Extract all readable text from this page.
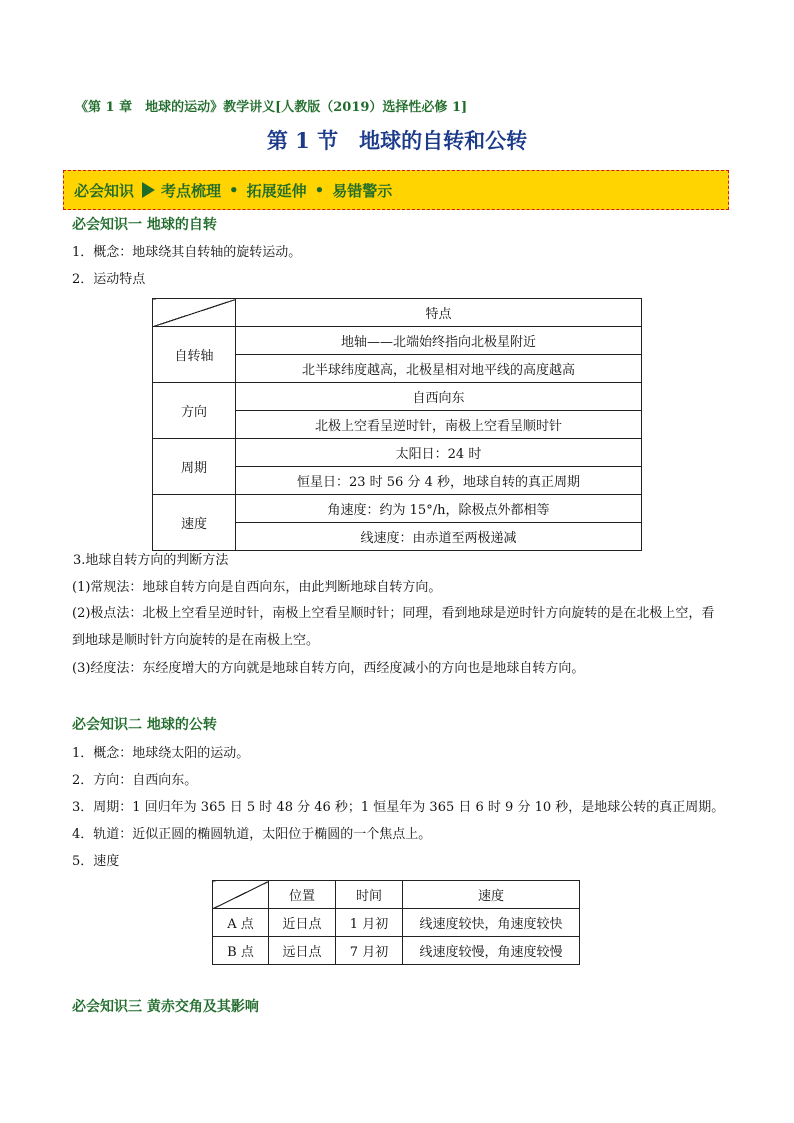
《第 1 章　地球的运动》教学讲义[人教版（2019）选择性必修 1]
第 1 节　地球的自转和公转
必会知识 考点梳理 • 拓展延伸 • 易错警示
必会知识一 地球的自转
1．概念：地球绕其自转轴的旋转运动。
2．运动特点
	特点
自转轴	地轴——北端始终指向北极星附近
	北半球纬度越高，北极星相对地平线的高度越高
方向	自西向东
	北极上空看呈逆时针，南极上空看呈顺时针
周期	太阳日：24 时
	恒星日：23 时 56 分 4 秒，地球自转的真正周期
速度	角速度：约为 15°/h，除极点外都相等
	线速度：由赤道至两极递减
3.地球自转方向的判断方法
(1)常规法：地球自转方向是自西向东，由此判断地球自转方向。
(2)极点法：北极上空看呈逆时针，南极上空看呈顺时针；同理，看到地球是逆时针方向旋转的是在北极上空，看到地球是顺时针方向旋转的是在南极上空。
(3)经度法：东经度增大的方向就是地球自转方向，西经度减小的方向也是地球自转方向。
必会知识二 地球的公转
1．概念：地球绕太阳的运动。
2．方向：自西向东。
3．周期：1 回归年为 365 日 5 时 48 分 46 秒；1 恒星年为 365 日 6 时 9 分 10 秒，是地球公转的真正周期。
4．轨道：近似正圆的椭圆轨道，太阳位于椭圆的一个焦点上。
5．速度
	位置	时间	速度
A 点	近日点	1 月初	线速度较快，角速度较快
B 点	远日点	7 月初	线速度较慢，角速度较慢
必会知识三 黄赤交角及其影响
